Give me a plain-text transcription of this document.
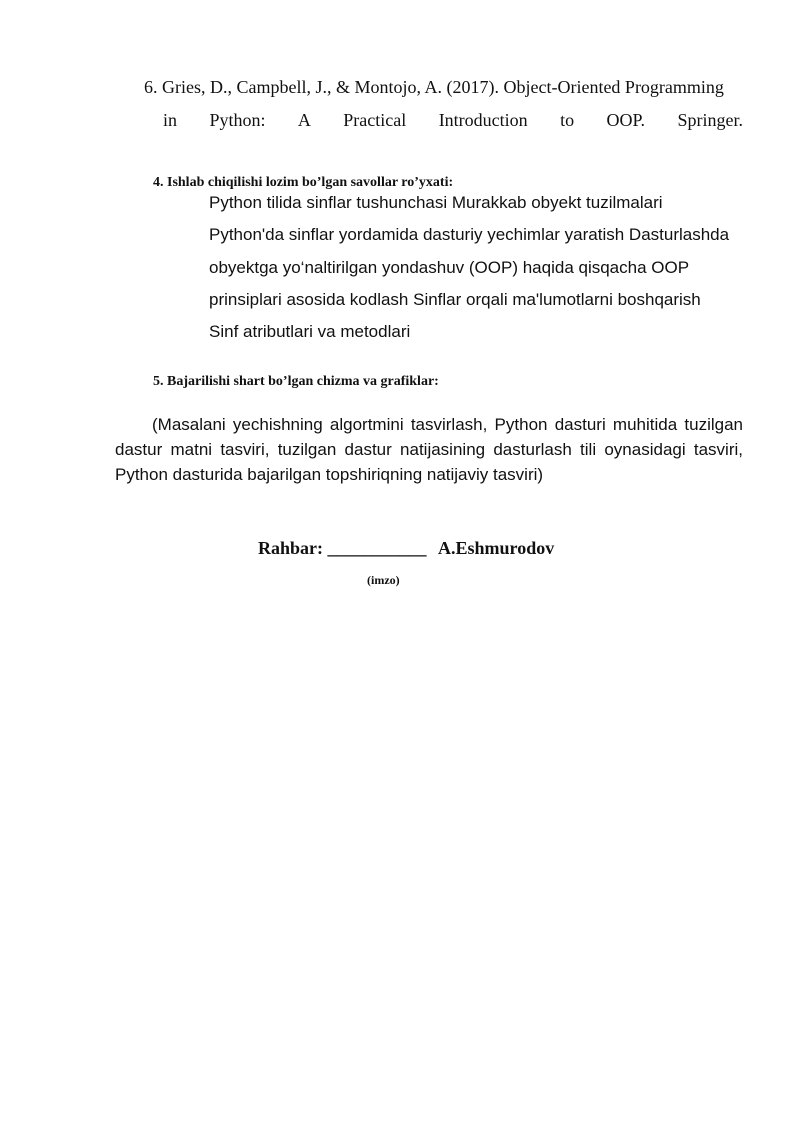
6. Gries, D., Campbell, J., & Montojo, A. (2017). Object-Oriented Programming
in Python: A Practical Introduction to OOP. Springer.
4. Ishlab chiqilishi lozim bo’lgan savollar ro’yxati:
Python tilida sinflar tushunchasi Murakkab obyekt tuzilmalari
Python'da sinflar yordamida dasturiy yechimlar yaratish Dasturlashda
obyektga yo‘naltirilgan yondashuv (OOP) haqida qisqacha OOP
prinsiplari asosida kodlash Sinflar orqali ma'lumotlarni boshqarish
Sinf atributlari va metodlari
5. Bajarilishi shart bo’lgan chizma va grafiklar:

(Masalani yechishning algortmini tasvirlash, Python dasturi muhitida tuzilgan dastur matni tasviri, tuzilgan dastur natijasining dasturlash tili oynasidagi tasviri, Python dasturida bajarilgan topshiriqning natijaviy tasviri)

Rahbar: ___________ A.Eshmurodov
(imzo)
